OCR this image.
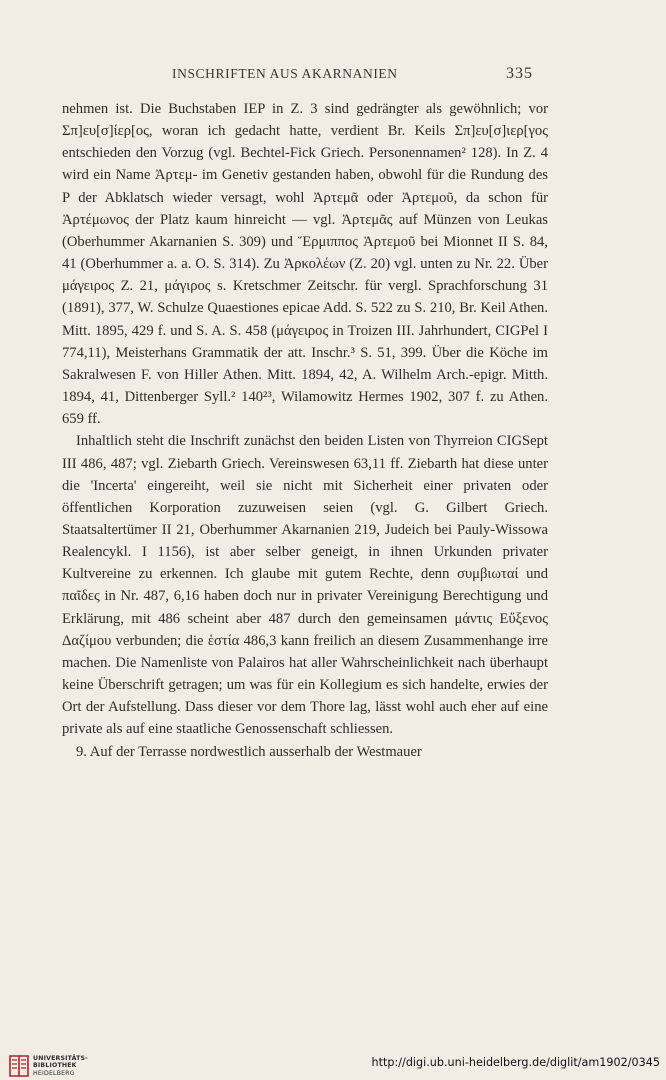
INSCHRIFTEN AUS AKARNANIEN	335

nehmen ist. Die Buchstaben IEP in Z. 3 sind gedrängter als gewöhnlich; vor Σπ]ευ[σ]ίερ[ος, woran ich gedacht hatte, verdient Br. Keils Σπ]ευ[σ]ιερ[γος entschieden den Vorzug (vgl. Bechtel-Fick Griech. Personennamen² 128). In Z. 4 wird ein Name Ἀρτεμ- im Genetiv gestanden haben, obwohl für die Rundung des P der Abklatsch wieder versagt, wohl Ἀρτεμᾶ oder Ἀρτεμοῦ, da schon für Ἀρτέμωνος der Platz kaum hinreicht — vgl. Ἀρτεμᾶς auf Münzen von Leukas (Oberhummer Akarnanien S. 309) und Ἕρμιππος Ἀρτεμοῦ bei Mionnet II S. 84, 41 (Oberhummer a. a. O. S. 314). Zu Ἀρκολέων (Z. 20) vgl. unten zu Nr. 22. Über μάγειρος Z. 21, μάγιρος s. Kretschmer Zeitschr. für vergl. Sprachforschung 31 (1891), 377, W. Schulze Quaestiones epicae Add. S. 522 zu S. 210, Br. Keil Athen. Mitt. 1895, 429 f. und S. A. S. 458 (μάγειρος in Troizen III. Jahrhundert, CIGPel I 774,11), Meisterhans Grammatik der att. Inschr.³ S. 51, 399. Über die Köche im Sakralwesen F. von Hiller Athen. Mitt. 1894, 42, A. Wilhelm Arch.-epigr. Mitth. 1894, 41, Dittenberger Syll.² 140²³, Wilamowitz Hermes 1902, 307 f. zu Athen. 659 ff.

Inhaltlich steht die Inschrift zunächst den beiden Listen von Thyrreion CIGSept III 486, 487; vgl. Ziebarth Griech. Vereinswesen 63,11 ff. Ziebarth hat diese unter die 'Incerta' eingereiht, weil sie nicht mit Sicherheit einer privaten oder öffentlichen Korporation zuzuweisen seien (vgl. G. Gilbert Griech. Staatsaltertümer II 21, Oberhummer Akarnanien 219, Judeich bei Pauly-Wissowa Realencykl. I 1156), ist aber selber geneigt, in ihnen Urkunden privater Kultvereine zu erkennen. Ich glaube mit gutem Rechte, denn συμβιωταί und παῖδες in Nr. 487, 6,16 haben doch nur in privater Vereinigung Berechtigung und Erklärung, mit 486 scheint aber 487 durch den gemeinsamen μάντις Εὔξενος Δαζίμου verbunden; die ἑστία 486,3 kann freilich an diesem Zusammenhange irre machen. Die Namenliste von Palairos hat aller Wahrscheinlichkeit nach überhaupt keine Überschrift getragen; um was für ein Kollegium es sich handelte, erwies der Ort der Aufstellung. Dass dieser vor dem Thore lag, lässt wohl auch eher auf eine private als auf eine staatliche Genossenschaft schliessen.

9. Auf der Terrasse nordwestlich ausserhalb der Westmauer

UNIVERSITÄTS-
BIBLIOTHEK
HEIDELBERG
http://digi.ub.uni-heidelberg.de/diglit/am1902/0345
